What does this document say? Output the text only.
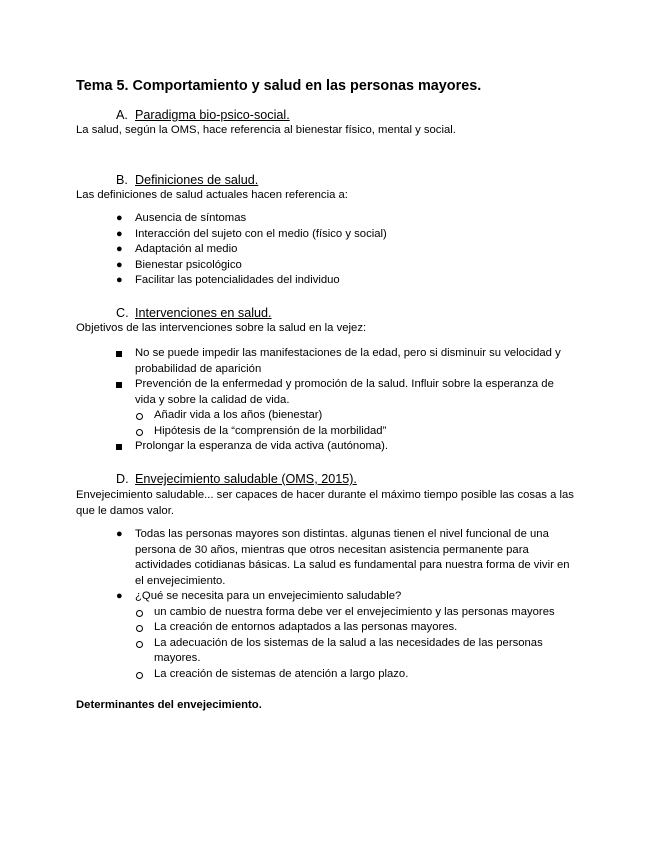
Tema 5. Comportamiento y salud en las personas mayores.
A. Paradigma bio-psico-social.
La salud, según la OMS, hace referencia al bienestar físico, mental y social.
B. Definiciones de salud.
Las definiciones de salud actuales hacen referencia a:
●	Ausencia de síntomas
●	Interacción del sujeto con el medio (físico y social)
●	Adaptación al medio
●	Bienestar psicológico
●	Facilitar las potencialidades del individuo
C. Intervenciones en salud.
Objetivos de las intervenciones sobre la salud en la vejez:
No se puede impedir las manifestaciones de la edad, pero si disminuir su velocidad y probabilidad de aparición
Prevención de la enfermedad y promoción de la salud. Influir sobre la esperanza de vida y sobre la calidad de vida.
Añadir vida a los años (bienestar)
Hipótesis de la “comprensión de la morbilidad”
Prolongar la esperanza de vida activa (autónoma).
D. Envejecimiento saludable (OMS, 2015).
Envejecimiento saludable... ser capaces de hacer durante el máximo tiempo posible las cosas a las que le damos valor.
●	Todas las personas mayores son distintas. algunas tienen el nivel funcional de una persona de 30 años, mientras que otros necesitan asistencia permanente para actividades cotidianas básicas. La salud es fundamental para nuestra forma de vivir en el envejecimiento.
●	¿Qué se necesita para un envejecimiento saludable?
un cambio de nuestra forma debe ver el envejecimiento y las personas mayores
La creación de entornos adaptados a las personas mayores.
La adecuación de los sistemas de la salud a las necesidades de las personas mayores.
La creación de sistemas de atención a largo plazo.
Determinantes del envejecimiento.
